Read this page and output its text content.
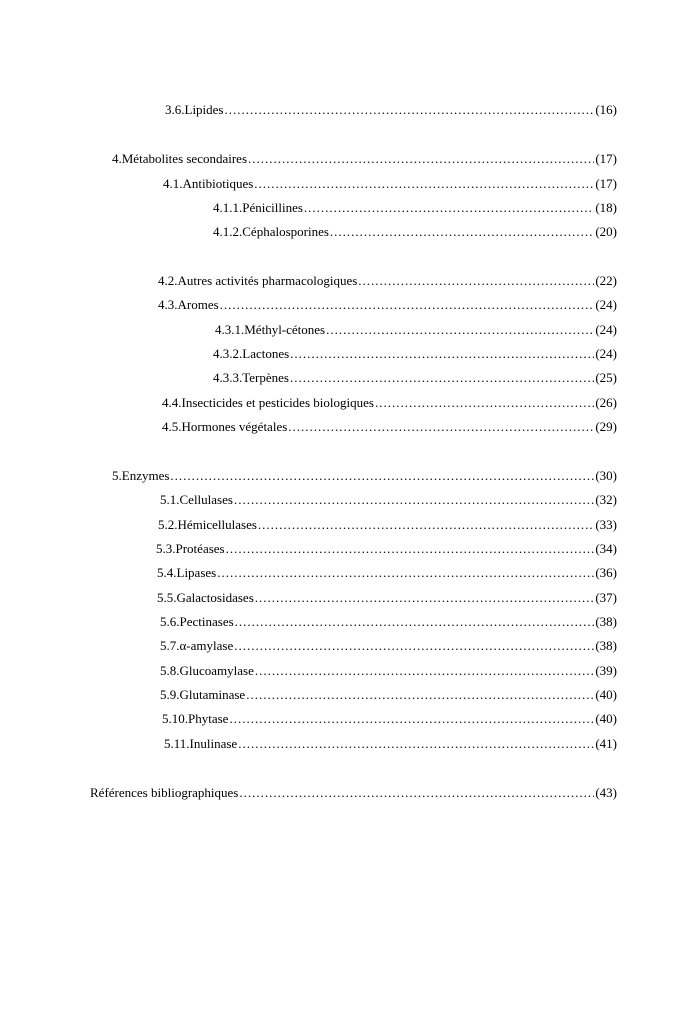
3.6. Lipides .....	(16)
4. Métabolites secondaires .....	(17)
4.1. Antibiotiques .....	(17)
4.1.1. Pénicillines .....	(18)
4.1.2. Céphalosporines .....	(20)
4.2. Autres activités pharmacologiques .....	(22)
4.3. Aromes .....	(24)
4.3.1. Méthyl-cétones .....	(24)
4.3.2. Lactones .....	(24)
4.3.3. Terpènes .....	(25)
4.4. Insecticides et pesticides biologiques .....	(26)
4.5. Hormones végétales .....	(29)
5. Enzymes .....	(30)
5.1. Cellulases .....	(32)
5.2. Hémicellulases .....	(33)
5.3. Protéases .....	(34)
5.4. Lipases .....	(36)
5.5. Galactosidases .....	(37)
5.6. Pectinases .....	(38)
5.7. α-amylase .....	(38)
5.8. Glucoamylase .....	(39)
5.9. Glutaminase .....	(40)
5.10. Phytase .....	(40)
5.11. Inulinase .....	(41)
Références bibliographiques .....	(43)
